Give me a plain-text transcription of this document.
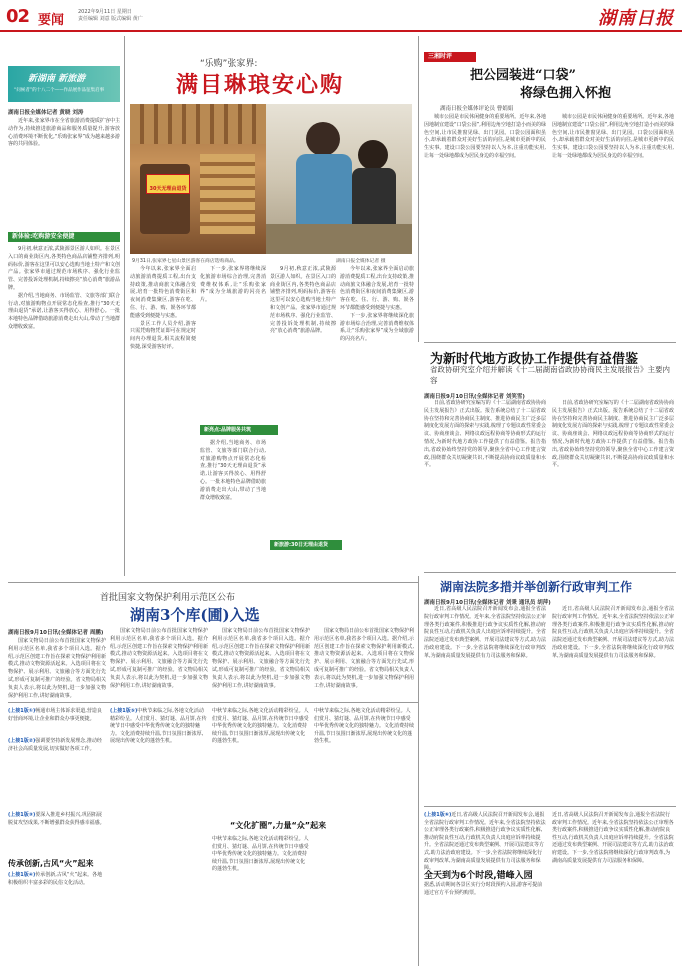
02 要闻
2022年9月11日 星期日
责任编辑 刘意 版式编辑 黄广	湖南日报
新湖南 新旅游
“问候者”的十八二个——作品展作品征集启事
湖南日报全媒体记者 黄晓 刘涛

近年来,张家界市在全省旅游消费提质扩容中主动作为,持续推进旅游商品和服务质量提升,游客放心消费环境不断优化,“乐购张家界”成为越来越多游客的共同体验。

新体验:吃购游安全便捷

9月初,秋意正浓,武陵源景区游人如织。在景区入口的商业街区内,各类特色商品店铺整齐排列,明码标价,游客在这里可以安心选购当地土特产和文创产品。张家界市通过规范市场秩序、强化行业监管、完善投诉处理机制,持续擦亮“放心消费”旅游品牌。

据介绍,当地商务、市场监管、文旅等部门联合行动,对旅游购物点开展常态化检查,推行“30天无理由退货”承诺,让游客买得放心、用得舒心。一批本地特色品牌借助旅游消费走出大山,带动了当地群众增收致富。

“乐购”张家界:
满目琳琅安心购
30天无理由退货
9月31日,张家界七星山景区游客在商店选购商品。	湖南日报全媒体记者 摄

今年以来,张家界全面启动旅游消费提质工程,出台支持政策,推动商旅文体融合发展,培育一批特色消费街区和夜间消费集聚区,游客在吃、住、行、游、购、娱各环节都能感受到便捷与实惠。

景区工作人员介绍,游客只需凭购物凭证即可在规定时间内办理退货,相关流程简便快捷,深受游客好评。

新亮点:品牌服务共筑

下一步,张家界将继续深化旅游市场综合治理,完善消费维权体系,让“乐购张家界”成为全域旅游的闪亮名片。

据介绍,当地商务、市场监管、文旅等部门联合行动,对旅游购物点开展常态化检查,推行“30天无理由退货”承诺,让游客买得放心、用得舒心。一批本地特色品牌借助旅游消费走出大山,带动了当地群众增收致富。

9月初,秋意正浓,武陵源景区游人如织。在景区入口的商业街区内,各类特色商品店铺整齐排列,明码标价,游客在这里可以安心选购当地土特产和文创产品。张家界市通过规范市场秩序、强化行业监管、完善投诉处理机制,持续擦亮“放心消费”旅游品牌。

新旅游:30日无理由退货

今年以来,张家界全面启动旅游消费提质工程,出台支持政策,推动商旅文体融合发展,培育一批特色消费街区和夜间消费集聚区,游客在吃、住、行、游、购、娱各环节都能感受到便捷与实惠。

下一步,张家界将继续深化旅游市场综合治理,完善消费维权体系,让“乐购张家界”成为全域旅游的闪亮名片。

三湘时评
把公园装进“口袋”
将绿色拥入怀抱
湖南日报全媒体评论员 曹娟娟

城市公园是市民休闲健身的重要场所。近年来,各地因地制宜建设“口袋公园”,利用边角空地打造小而美的绿色空间,让市民推窗见绿、出门见园。口袋公园面积虽小,却承载着群众对美好生活的向往,是城市更新中的民生实事。建设口袋公园要坚持以人为本,注重功能实用,让每一处绿地都成为居民身边的幸福空间。

城市公园是市民休闲健身的重要场所。近年来,各地因地制宜建设“口袋公园”,利用边角空地打造小而美的绿色空间,让市民推窗见绿、出门见园。口袋公园面积虽小,却承载着群众对美好生活的向往,是城市更新中的民生实事。建设口袋公园要坚持以人为本,注重功能实用,让每一处绿地都成为居民身边的幸福空间。

为新时代地方政协工作提供有益借鉴
省政协研究室介绍并解读《十二届湖南省政协协商民主发展报告》主要内容
湖南日报9月10日讯(全媒体记者 刘笑雪)

日前,省政协研究室编写的《十二届湖南省政协协商民主发展报告》正式出版。报告系统总结了十二届省政协在坚持和完善协商民主制度、推进协商民主广泛多层制度化发展方面的探索与实践,梳理了专题议政性常委会议、协商座谈会、网络议政远程协商等协商形式的运行情况,为新时代地方政协工作提供了有益借鉴。报告指出,省政协始终坚持党的领导,聚焦全省中心工作建言资政,围绕群众关切凝聚共识,不断提高协商议政质量和水平。

日前,省政协研究室编写的《十二届湖南省政协协商民主发展报告》正式出版。报告系统总结了十二届省政协在坚持和完善协商民主制度、推进协商民主广泛多层制度化发展方面的探索与实践,梳理了专题议政性常委会议、协商座谈会、网络议政远程协商等协商形式的运行情况,为新时代地方政协工作提供了有益借鉴。报告指出,省政协始终坚持党的领导,聚焦全省中心工作建言资政,围绕群众关切凝聚共识,不断提高协商议政质量和水平。

首批国家文物保护利用示范区公布
湖南3个库(圃)入选
湖南日报9月10日讯(全媒体记者 周鹏)

国家文物局日前公布首批国家文物保护利用示范区名单,我省多个项目入选。据介绍,示范区创建工作旨在探索文物保护利用新模式,推动文物资源活起来。入选项目将在文物保护、展示利用、文旅融合等方面先行先试,形成可复制可推广的经验。省文物局相关负责人表示,将以此为契机,进一步加强文物保护利用工作,讲好湖南故事。

国家文物局日前公布首批国家文物保护利用示范区名单,我省多个项目入选。据介绍,示范区创建工作旨在探索文物保护利用新模式,推动文物资源活起来。入选项目将在文物保护、展示利用、文旅融合等方面先行先试,形成可复制可推广的经验。省文物局相关负责人表示,将以此为契机,进一步加强文物保护利用工作,讲好湖南故事。

国家文物局日前公布首批国家文物保护利用示范区名单,我省多个项目入选。据介绍,示范区创建工作旨在探索文物保护利用新模式,推动文物资源活起来。入选项目将在文物保护、展示利用、文旅融合等方面先行先试,形成可复制可推广的经验。省文物局相关负责人表示,将以此为契机,进一步加强文物保护利用工作,讲好湖南故事。

国家文物局日前公布首批国家文物保护利用示范区名单,我省多个项目入选。据介绍,示范区创建工作旨在探索文物保护利用新模式,推动文物资源活起来。入选项目将在文物保护、展示利用、文旅融合等方面先行先试,形成可复制可推广的经验。省文物局相关负责人表示,将以此为契机,进一步加强文物保护利用工作,讲好湖南故事。

湖南法院多措并举创新行政审判工作
湖南日报9月10日讯(全媒体记者 刘秉 通讯员 胡萍)

近日,省高级人民法院召开新闻发布会,通报全省法院行政审判工作情况。近年来,全省法院坚持依法公正审理各类行政案件,积极推进行政争议实质性化解,推动府院良性互动,行政机关负责人出庭应诉率持续提升。全省法院还通过发布典型案例、开展司法建议等方式,助力法治政府建设。下一步,全省法院将继续深化行政审判改革,为湖南高质量发展提供有力司法服务和保障。

近日,省高级人民法院召开新闻发布会,通报全省法院行政审判工作情况。近年来,全省法院坚持依法公正审理各类行政案件,积极推进行政争议实质性化解,推动府院良性互动,行政机关负责人出庭应诉率持续提升。全省法院还通过发布典型案例、开展司法建议等方式,助力法治政府建设。下一步,全省法院将继续深化行政审判改革,为湖南高质量发展提供有力司法服务和保障。

(上接1版①)畅通市场主体诉求渠道,营造良好营商环境,让企业和群众办事更便捷。
(上接1版②)强调要坚持新发展理念,推动经济社会高质量发展,切实做好各项工作。
(上接1版③)要深入推进乡村振兴,巩固拓展脱贫攻坚成果,不断增强群众获得感幸福感。
传承创新,古风“火”起来
(上接1版④)传承创新,古风“火”起来。各地积极组织丰富多彩的民俗文化活动。
(上接1版⑤)中秋节来临之际,各地文化活动精彩纷呈。人们赏月、猜灯谜、品月饼,在传统节日中感受中华优秀传统文化的独特魅力。文化消费持续升温,节日氛围日渐浓厚,展现出传统文化的蓬勃生机。
中秋节来临之际,各地文化活动精彩纷呈。人们赏月、猜灯谜、品月饼,在传统节日中感受中华优秀传统文化的独特魅力。文化消费持续升温,节日氛围日渐浓厚,展现出传统文化的蓬勃生机。
“文化扩圈”,力量“众”起来
中秋节来临之际,各地文化活动精彩纷呈。人们赏月、猜灯谜、品月饼,在传统节日中感受中华优秀传统文化的独特魅力。文化消费持续升温,节日氛围日渐浓厚,展现出传统文化的蓬勃生机。
中秋节来临之际,各地文化活动精彩纷呈。人们赏月、猜灯谜、品月饼,在传统节日中感受中华优秀传统文化的独特魅力。文化消费持续升温,节日氛围日渐浓厚,展现出传统文化的蓬勃生机。
(上接1版⑥)近日,省高级人民法院召开新闻发布会,通报全省法院行政审判工作情况。近年来,全省法院坚持依法公正审理各类行政案件,积极推进行政争议实质性化解,推动府院良性互动,行政机关负责人出庭应诉率持续提升。全省法院还通过发布典型案例、开展司法建议等方式,助力法治政府建设。下一步,全省法院将继续深化行政审判改革,为湖南高质量发展提供有力司法服务和保障。
全天到为6个时段,错峰入园
据悉,活动期间各景区实行分时段预约入园,游客可提前通过官方平台预约购票。
近日,省高级人民法院召开新闻发布会,通报全省法院行政审判工作情况。近年来,全省法院坚持依法公正审理各类行政案件,积极推进行政争议实质性化解,推动府院良性互动,行政机关负责人出庭应诉率持续提升。全省法院还通过发布典型案例、开展司法建议等方式,助力法治政府建设。下一步,全省法院将继续深化行政审判改革,为湖南高质量发展提供有力司法服务和保障。
